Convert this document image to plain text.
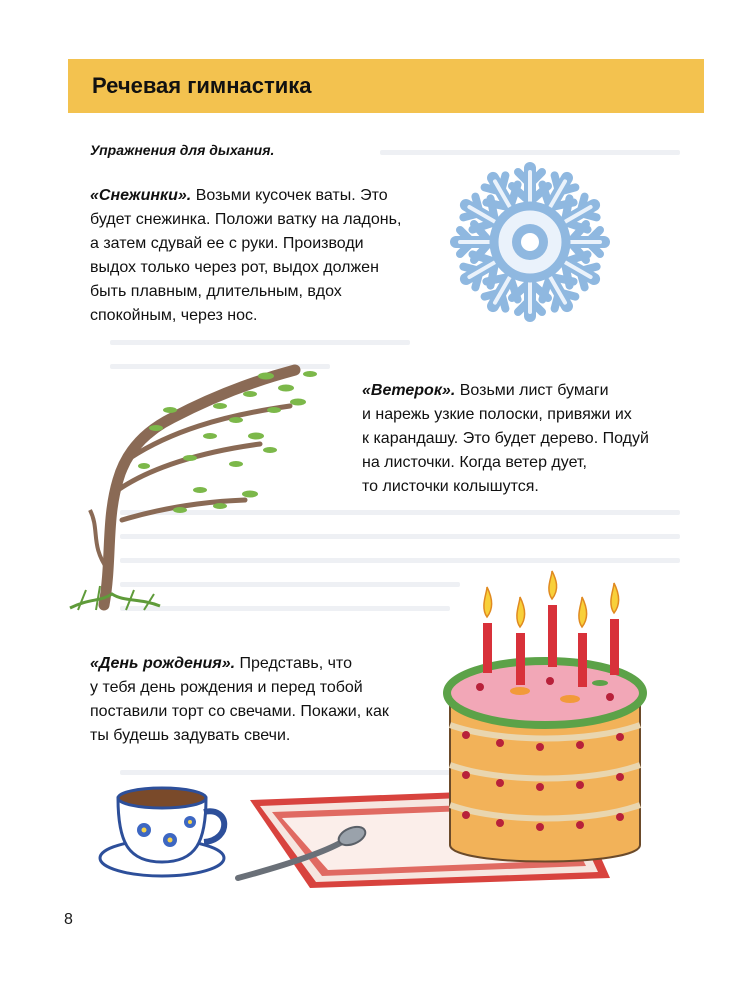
Речевая гимнастика
Упражнения для дыхания.
«Снежинки». Возьми кусочек ваты. Это
будет снежинка. Положи ватку на ладонь,
а затем сдувай ее с руки. Производи
выдох только через рот, выдох должен
быть плавным, длительным, вдох
спокойным, через нос.
«Ветерок». Возьми лист бумаги
и нарежь узкие полоски, привяжи их
к карандашу. Это будет дерево. Подуй
на листочки. Когда ветер дует,
то листочки колышутся.
«День рождения». Представь, что
у тебя день рождения и перед тобой
поставили торт со свечами. Покажи, как
ты будешь задувать свечи.
8
